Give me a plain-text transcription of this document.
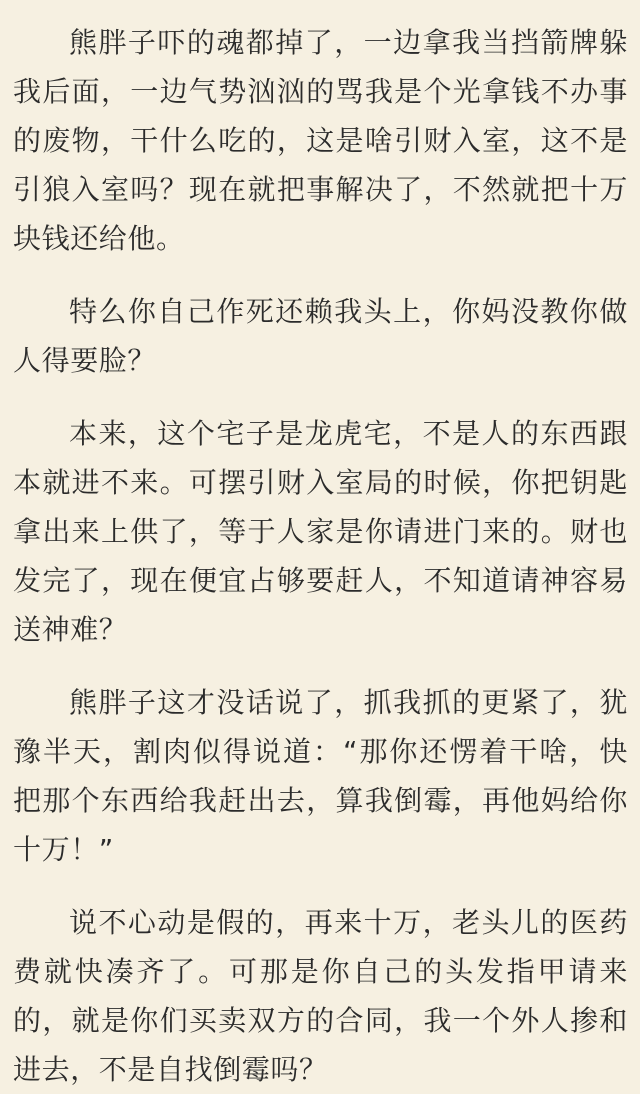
熊胖子吓的魂都掉了，一边拿我当挡箭牌躲我后面，一边气势汹汹的骂我是个光拿钱不办事的废物，干什么吃的，这是啥引财入室，这不是引狼入室吗？现在就把事解决了，不然就把十万块钱还给他。

特么你自己作死还赖我头上，你妈没教你做人得要脸？

本来，这个宅子是龙虎宅，不是人的东西跟本就进不来。可摆引财入室局的时候，你把钥匙拿出来上供了，等于人家是你请进门来的。财也发完了，现在便宜占够要赶人，不知道请神容易送神难？

熊胖子这才没话说了，抓我抓的更紧了，犹豫半天，割肉似得说道：“那你还愣着干啥，快把那个东西给我赶出去，算我倒霉，再他妈给你十万！”

说不心动是假的，再来十万，老头儿的医药费就快凑齐了。可那是你自己的头发指甲请来的，就是你们买卖双方的合同，我一个外人掺和进去，不是自找倒霉吗？
